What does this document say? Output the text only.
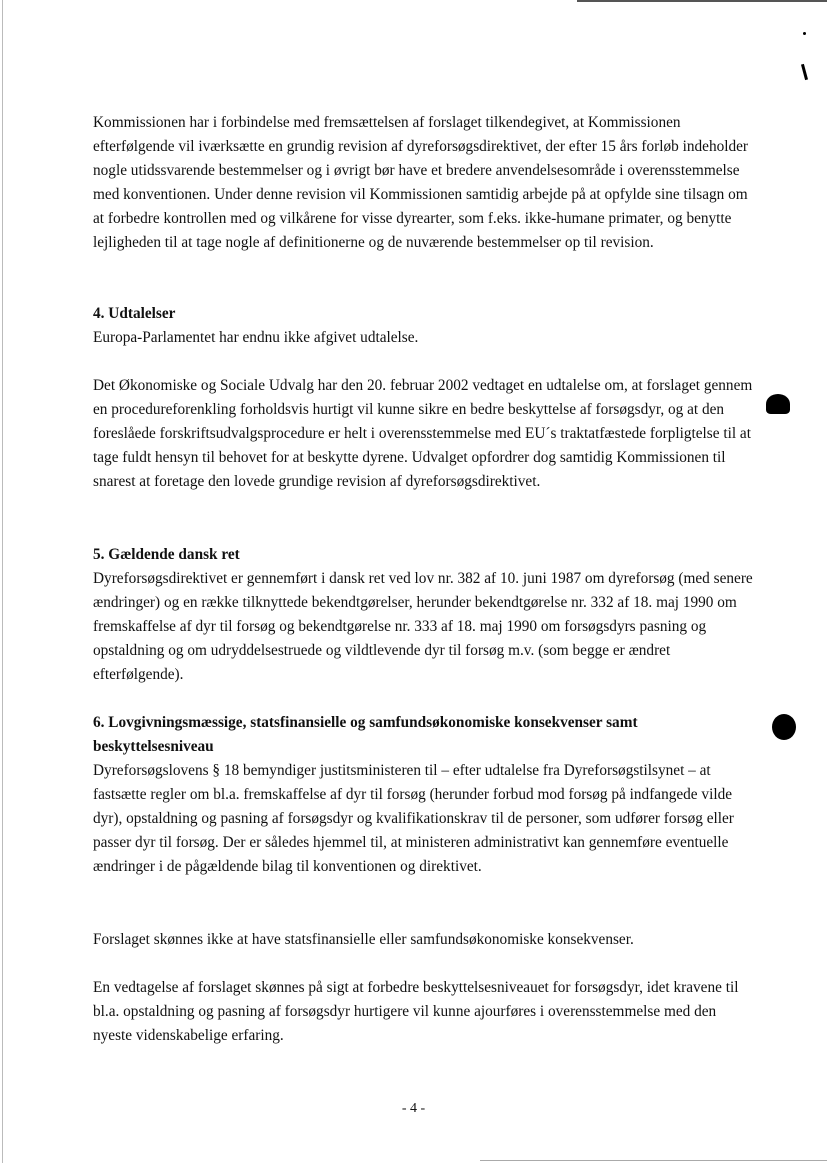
Kommissionen har i forbindelse med fremsættelsen af forslaget tilkendegivet, at Kommissionen efterfølgende vil iværksætte en grundig revision af dyreforsøgsdirektivet, der efter 15 års forløb indeholder nogle utidssvarende bestemmelser og i øvrigt bør have et bredere anvendelsesområde i overensstemmelse med konventionen. Under denne revision vil Kommissionen samtidig arbejde på at opfylde sine tilsagn om at forbedre kontrollen med og vilkårene for visse dyrearter, som f.eks. ikke-humane primater, og benytte lejligheden til at tage nogle af definitionerne og de nuværende bestemmelser op til revision.

4. Udtalelser

Europa-Parlamentet har endnu ikke afgivet udtalelse.

Det Økonomiske og Sociale Udvalg har den 20. februar 2002 vedtaget en udtalelse om, at forslaget gennem en procedureforenkling forholdsvis hurtigt vil kunne sikre en bedre beskyttelse af forsøgsdyr, og at den foreslåede forskriftsudvalgsprocedure er helt i overensstemmelse med EU´s traktatfæstede forpligtelse til at tage fuldt hensyn til behovet for at beskytte dyrene. Udvalget opfordrer dog samtidig Kommissionen til snarest at foretage den lovede grundige revision af dyreforsøgsdirektivet.

5. Gældende dansk ret

Dyreforsøgsdirektivet er gennemført i dansk ret ved lov nr. 382 af 10. juni 1987 om dyreforsøg (med senere ændringer) og en række tilknyttede bekendtgørelser, herunder bekendtgørelse nr. 332 af 18. maj 1990 om fremskaffelse af dyr til forsøg og bekendtgørelse nr. 333 af 18. maj 1990 om forsøgsdyrs pasning og opstaldning og om udryddelsestruede og vildtlevende dyr til forsøg m.v. (som begge er ændret efterfølgende).

6. Lovgivningsmæssige, statsfinansielle og samfundsøkonomiske konsekvenser samt beskyttelsesniveau

Dyreforsøgslovens § 18 bemyndiger justitsministeren til – efter udtalelse fra Dyreforsøgstilsynet – at fastsætte regler om bl.a. fremskaffelse af dyr til forsøg (herunder forbud mod forsøg på indfangede vilde dyr), opstaldning og pasning af forsøgsdyr og kvalifikationskrav til de personer, som udfører forsøg eller passer dyr til forsøg. Der er således hjemmel til, at ministeren administrativt kan gennemføre eventuelle ændringer i de pågældende bilag til konventionen og direktivet.

Forslaget skønnes ikke at have statsfinansielle eller samfundsøkonomiske konsekvenser.

En vedtagelse af forslaget skønnes på sigt at forbedre beskyttelsesniveauet for forsøgsdyr, idet kravene til bl.a. opstaldning og pasning af forsøgsdyr hurtigere vil kunne ajourføres i overensstemmelse med den nyeste videnskabelige erfaring.

- 4 -
